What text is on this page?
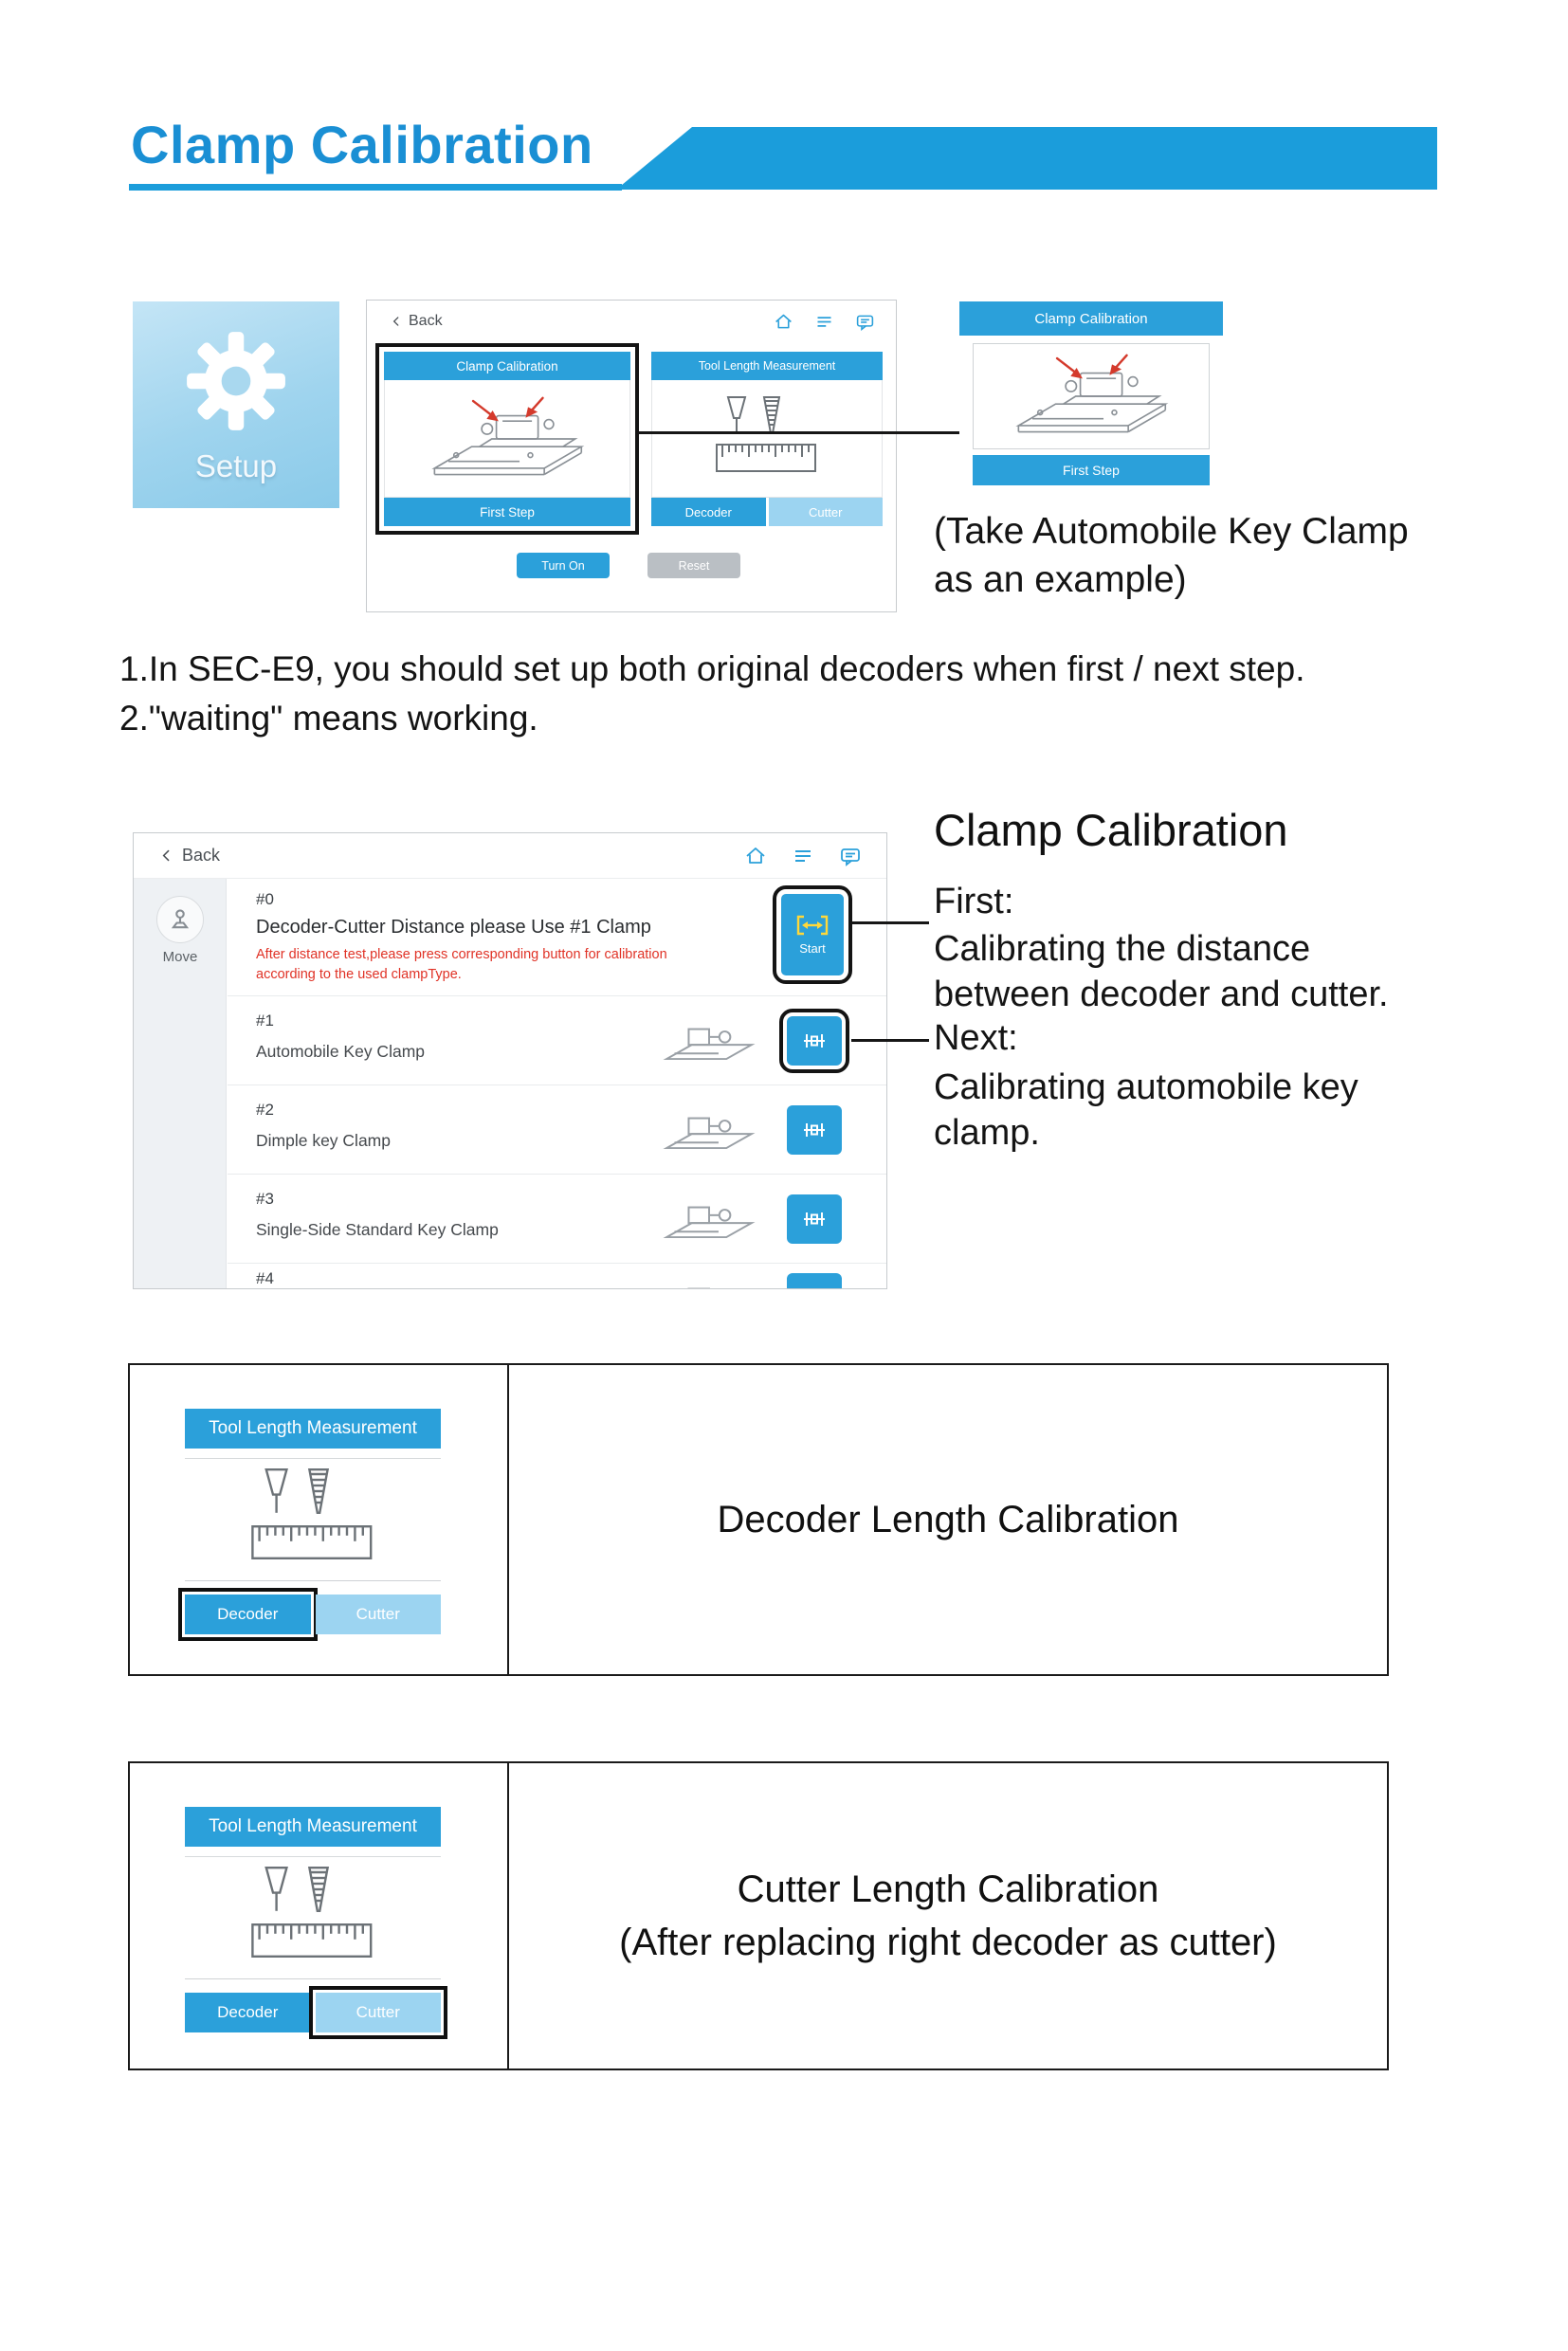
Clamp Calibration
Setup
Back
Clamp Calibration
First Step
Tool Length Measurement
Decoder	Cutter
Turn On	Reset
Clamp Calibration
First Step
(Take Automobile Key Clamp
as an example)
1.In SEC-E9, you should set up both original decoders when first / next step.
2."waiting" means working.
Back
Move
#0
Decoder-Cutter Distance please Use #1 Clamp
After distance test,please press corresponding button for calibration
according to the used clampType.
Start
#1
Automobile Key Clamp
#2
Dimple key Clamp
#3
Single-Side Standard Key Clamp
#4
Clamp Calibration
First:
Calibrating the distance
between decoder and cutter.
Next:
Calibrating automobile key
clamp.
Tool Length Measurement
Decoder	Cutter
Decoder Length Calibration
Tool Length Measurement
Decoder	Cutter
Cutter Length Calibration
(After replacing right decoder as cutter)
